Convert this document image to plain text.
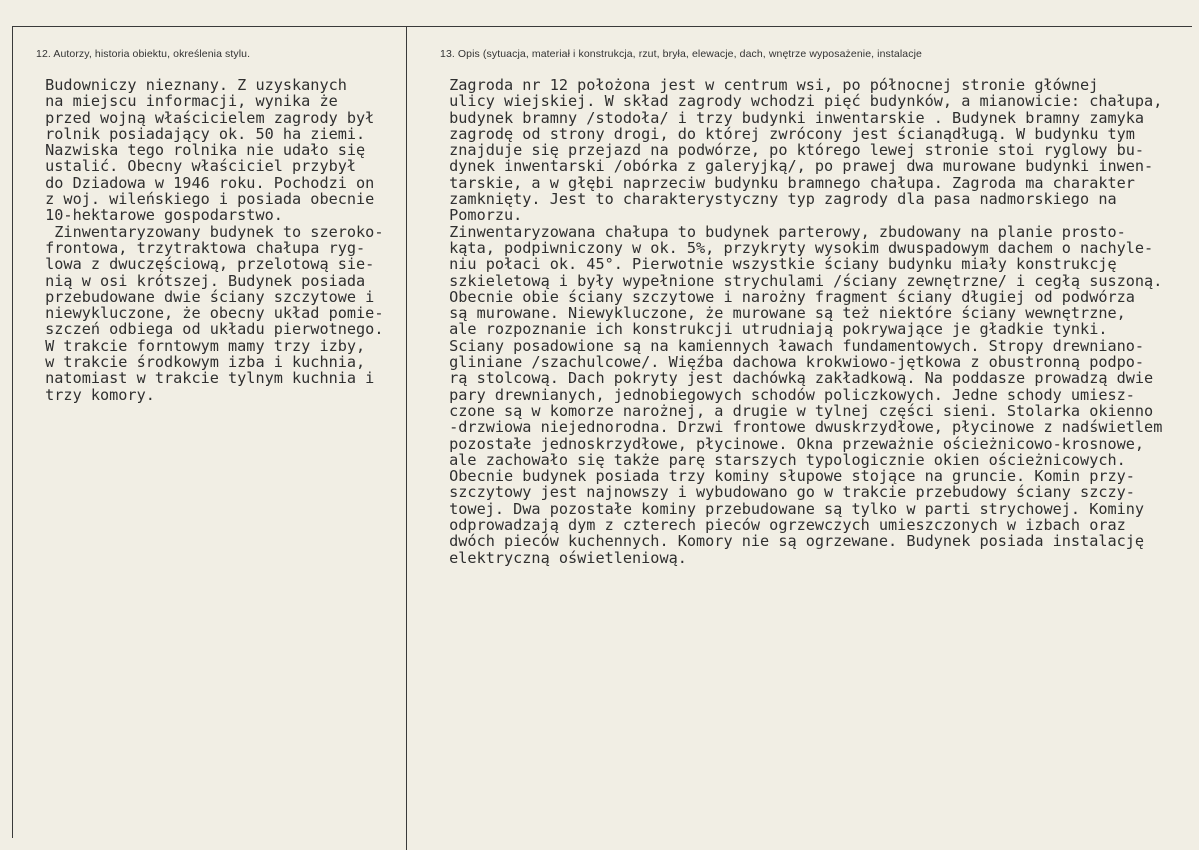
12. Autorzy, historia obiektu, określenia stylu.	13. Opis (sytuacja, materiał i konstrukcja, rzut, bryła, elewacje, dach, wnętrze wyposażenie, instalacje
Budowniczy nieznany. Z uzyskanych
na miejscu informacji, wynika że
przed wojną właścicielem zagrody był
rolnik posiadający ok. 50 ha ziemi.
Nazwiska tego rolnika nie udało się
ustalić. Obecny właściciel przybył
do Dziadowa w 1946 roku. Pochodzi on
z woj. wileńskiego i posiada obecnie
10-hektarowe gospodarstwo.
Zinwentaryzowany budynek to szeroko-
frontowa, trzytraktowa chałupa ryg-
lowa z dwuczęściową, przelotową sie-
nią w osi krótszej. Budynek posiada
przebudowane dwie ściany szczytowe i
niewykluczone, że obecny układ pomie-
szczeń odbiega od układu pierwotnego.
W trakcie forntowym mamy trzy izby,
w trakcie środkowym izba i kuchnia,
natomiast w trakcie tylnym kuchnia i
trzy komory.

Zagroda nr 12 położona jest w centrum wsi, po północnej stronie głównej
ulicy wiejskiej. W skład zagrody wchodzi pięć budynków, a mianowicie: chałupa,
budynek bramny /stodoła/ i trzy budynki inwentarskie . Budynek bramny zamyka
zagrodę od strony drogi, do której zwrócony jest ścianądługą. W budynku tym
znajduje się przejazd na podwórze, po którego lewej stronie stoi ryglowy bu-
dynek inwentarski /obórka z galeryjką/, po prawej dwa murowane budynki inwen-
tarskie, a w głębi naprzeciw budynku bramnego chałupa. Zagroda ma charakter
zamknięty. Jest to charakterystyczny typ zagrody dla pasa nadmorskiego na
Pomorzu.
Zinwentaryzowana chałupa to budynek parterowy, zbudowany na planie prosto-
kąta, podpiwniczony w ok. 5%, przykryty wysokim dwuspadowym dachem o nachyle-
niu połaci ok. 45°. Pierwotnie wszystkie ściany budynku miały konstrukcję
szkieletową i były wypełnione strychulami /ściany zewnętrzne/ i cegłą suszoną.
Obecnie obie ściany szczytowe i narożny fragment ściany długiej od podwórza
są murowane. Niewykluczone, że murowane są też niektóre ściany wewnętrzne,
ale rozpoznanie ich konstrukcji utrudniają pokrywające je gładkie tynki.
Sciany posadowione są na kamiennych ławach fundamentowych. Stropy drewniano-
gliniane /szachulcowe/. Więźba dachowa krokwiowo-jętkowa z obustronną podpo-
rą stolcową. Dach pokryty jest dachówką zakładkową. Na poddasze prowadzą dwie
pary drewnianych, jednobiegowych schodów policzkowych. Jedne schody umiesz-
czone są w komorze narożnej, a drugie w tylnej części sieni. Stolarka okienno
-drzwiowa niejednorodna. Drzwi frontowe dwuskrzydłowe, płycinowe z nadświetlem
pozostałe jednoskrzydłowe, płycinowe. Okna przeważnie ościeżnicowo-krosnowe,
ale zachowało się także parę starszych typologicznie okien ościeżnicowych.
Obecnie budynek posiada trzy kominy słupowe stojące na gruncie. Komin przy-
szczytowy jest najnowszy i wybudowano go w trakcie przebudowy ściany szczy-
towej. Dwa pozostałe kominy przebudowane są tylko w parti strychowej. Kominy
odprowadzają dym z czterech pieców ogrzewczych umieszczonych w izbach oraz
dwóch pieców kuchennych. Komory nie są ogrzewane. Budynek posiada instalację
elektryczną oświetleniową.
